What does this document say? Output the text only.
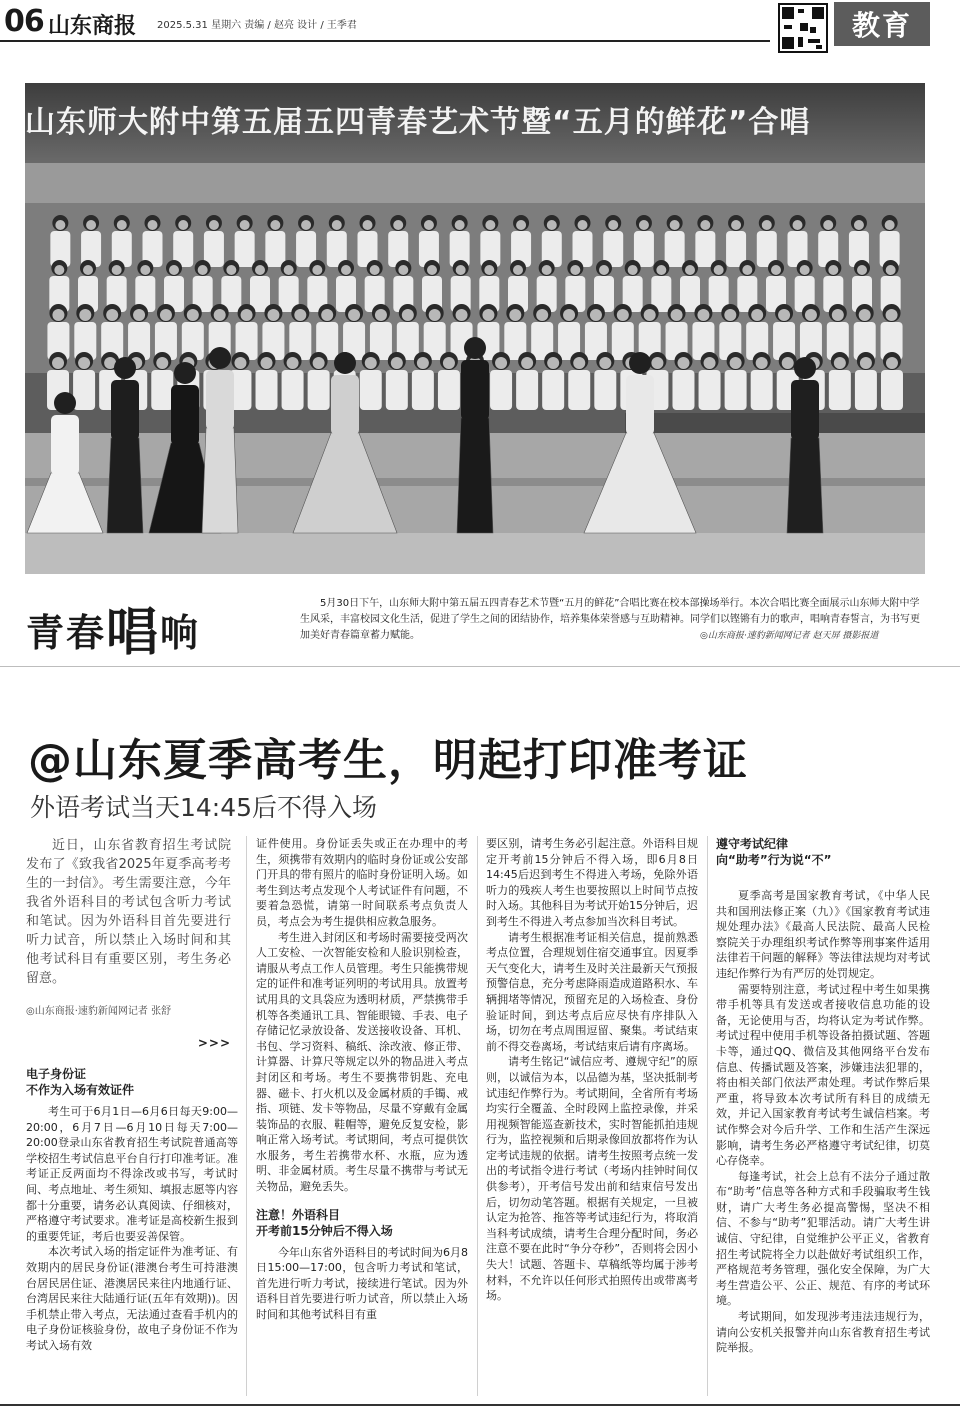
06 山东商报 2025.5.31 星期六 责编 / 赵亮 设计 / 王季君	教育
山东师大附中第五届五四青春艺术节暨“五月的鲜花”合唱
青春唱响
5月30日下午，山东师大附中第五届五四青春艺术节暨“五月的鲜花”合唱比赛在校本部操场举行。本次合唱比赛全面展示山东师大附中学生风采，丰富校园文化生活，促进了学生之间的团结协作，培养集体荣誉感与互助精神。同学们以铿锵有力的歌声，唱响青春誓言，为书写更加美好青春篇章蓄力赋能。	◎山东商报·速豹新闻网记者 赵天屏 摄影报道
@山东夏季高考生，明起打印准考证
外语考试当天14:45后不得入场

近日，山东省教育招生考试院发布了《致我省2025年夏季高考考生的一封信》。考生需要注意，今年我省外语科目的考试包含听力考试和笔试。因为外语科目首先要进行听力试音，所以禁止入场时间和其他考试科目有重要区别，考生务必留意。

◎山东商报·速豹新闻网记者 张舒
>>>
电子身份证
不作为入场有效证件

考生可于6月1日—6月6日每天9:00—20:00，6月7日—6月10日每天7:00—20:00登录山东省教育招生考试院普通高等学校招生考试信息平台自行打印准考证。准考证正反两面均不得涂改或书写，考试时间、考点地址、考生须知、填报志愿等内容都十分重要，请务必认真阅读、仔细核对，严格遵守考试要求。准考证是高校新生报到的重要凭证，考后也要妥善保管。

本次考试入场的指定证件为准考证、有效期内的居民身份证(港澳台考生可持港澳台居民居住证、港澳居民来往内地通行证、台湾居民来往大陆通行证(五年有效期))。因手机禁止带入考点，无法通过查看手机内的电子身份证核验身份，故电子身份证不作为考试入场有效

证件使用。身份证丢失或正在办理中的考生，须携带有效期内的临时身份证或公安部门开具的带有照片的临时身份证明入场。如考生到达考点发现个人考试证件有问题，不要着急恐慌，请第一时间联系考点负责人员，考点会为考生提供相应救急服务。

考生进入封闭区和考场时需要接受两次人工安检、一次智能安检和人脸识别检查，请服从考点工作人员管理。考生只能携带规定的证件和准考证列明的考试用具。放置考试用具的文具袋应为透明材质，严禁携带手机等各类通讯工具、智能眼镜、手表、电子存储记忆录放设备、发送接收设备、耳机、书包、学习资料、稿纸、涂改液、修正带、计算器、计算尺等规定以外的物品进入考点封闭区和考场。考生不要携带钥匙、充电器、磁卡、打火机以及金属材质的手镯、戒指、项链、发卡等物品，尽量不穿戴有金属装饰品的衣服、鞋帽等，避免反复安检，影响正常入场考试。考试期间，考点可提供饮水服务，考生若携带水杯、水瓶，应为透明、非金属材质。考生尽量不携带与考试无关物品，避免丢失。

注意！外语科目
开考前15分钟后不得入场

今年山东省外语科目的考试时间为6月8日15:00—17:00，包含听力考试和笔试，首先进行听力考试，接续进行笔试。因为外语科目首先要进行听力试音，所以禁止入场时间和其他考试科目有重

要区别，请考生务必引起注意。外语科目规定开考前15分钟后不得入场，即6月8日14:45后迟到考生不得进入考场，免除外语听力的残疾人考生也要按照以上时间节点按时入场。其他科目为考试开始15分钟后，迟到考生不得进入考点参加当次科目考试。

请考生根据准考证相关信息，提前熟悉考点位置，合理规划住宿交通事宜。因夏季天气变化大，请考生及时关注最新天气预报预警信息，充分考虑降雨造成道路积水、车辆拥堵等情况，预留充足的入场检查、身份验证时间，到达考点后应尽快有序排队入场，切勿在考点周围逗留、聚集。考试结束前不得交卷离场，考试结束后请有序离场。

请考生铭记“诚信应考、遵规守纪”的原则，以诚信为本，以品德为基，坚决抵制考试违纪作弊行为。考试期间，全省所有考场均实行全覆盖、全时段网上监控录像，并采用视频智能巡查新技术，实时智能抓拍违规行为，监控视频和后期录像回放都将作为认定考试违规的依据。请考生按照考点统一发出的考试指令进行考试（考场内挂钟时间仅供参考），开考信号发出前和结束信号发出后，切勿动笔答题。根据有关规定，一旦被认定为抢答、拖答等考试违纪行为，将取消当科考试成绩，请考生合理分配时间，务必注意不要在此时“争分夺秒”，否则将会因小失大！试题、答题卡、草稿纸等均属于涉考材料，不允许以任何形式拍照传出或带离考场。

遵守考试纪律
向“助考”行为说“不”

夏季高考是国家教育考试，《中华人民共和国刑法修正案（九）》《国家教育考试违规处理办法》《最高人民法院、最高人民检察院关于办理组织考试作弊等刑事案件适用法律若干问题的解释》等法律法规均对考试违纪作弊行为有严厉的处罚规定。

需要特别注意，考试过程中考生如果携带手机等具有发送或者接收信息功能的设备，无论使用与否，均将认定为考试作弊。考试过程中使用手机等设备拍摄试题、答题卡等，通过QQ、微信及其他网络平台发布信息、传播试题及答案，涉嫌违法犯罪的，将由相关部门依法严肃处理。考试作弊后果严重，将导致本次考试所有科目的成绩无效，并记入国家教育考试考生诚信档案。考试作弊会对今后升学、工作和生活产生深远影响，请考生务必严格遵守考试纪律，切莫心存侥幸。

每逢考试，社会上总有不法分子通过散布“助考”信息等各种方式和手段骗取考生钱财，请广大考生务必提高警惕，坚决不相信、不参与“助考”犯罪活动。请广大考生讲诚信、守纪律，自觉维护公平正义，省教育招生考试院将全力以赴做好考试组织工作，严格规范考务管理，强化安全保障，为广大考生营造公平、公正、规范、有序的考试环境。

考试期间，如发现涉考违法违规行为，请向公安机关报警并向山东省教育招生考试院举报。
